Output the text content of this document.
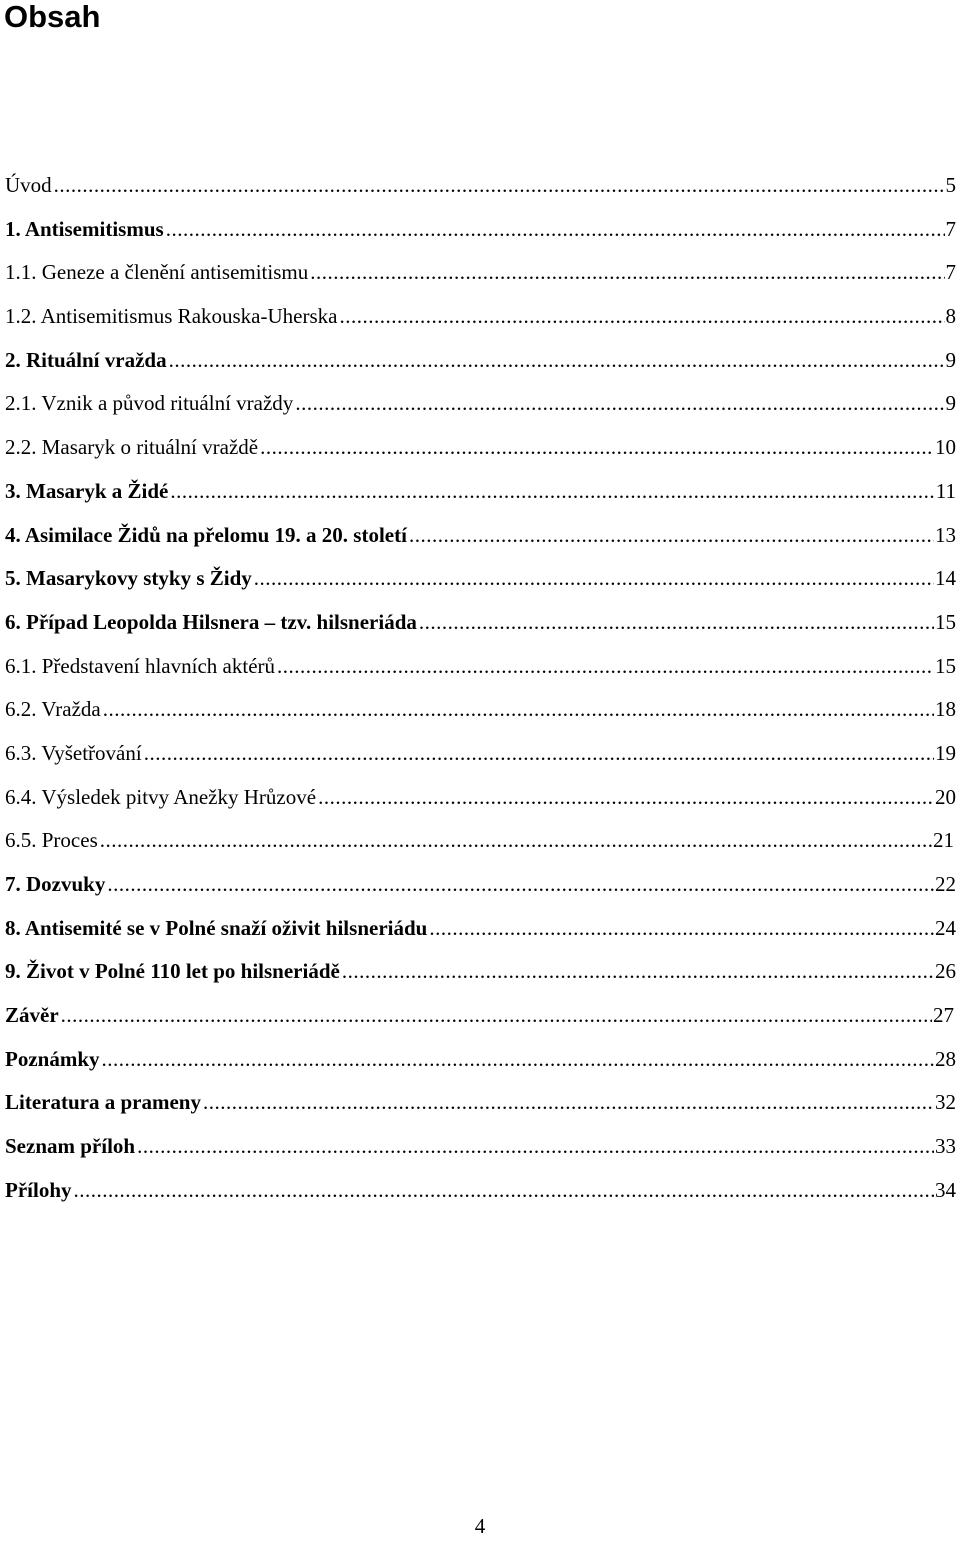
Obsah
Úvod .....	5
1. Antisemitismus .....	7
1.1. Geneze a členění antisemitismu .....	7
1.2. Antisemitismus Rakouska-Uherska .....	8
2. Rituální vražda .....	9
2.1. Vznik a původ rituální vraždy .....	9
2.2. Masaryk o rituální vraždě .....	10
3. Masaryk a Židé .....	11
4. Asimilace Židů na přelomu 19. a 20. století .....	13
5. Masarykovy styky s Židy .....	14
6. Případ Leopolda Hilsnera – tzv. hilsneriáda .....	15
6.1. Představení hlavních aktérů .....	15
6.2. Vražda .....	18
6.3. Vyšetřování .....	19
6.4. Výsledek pitvy Anežky Hrůzové .....	20
6.5. Proces .....	21
7. Dozvuky .....	22
8. Antisemité se v Polné snaží oživit hilsneriádu .....	24
9. Život v Polné 110 let po hilsneriádě .....	26
Závěr .....	27
Poznámky .....	28
Literatura a prameny .....	32
Seznam příloh .....	33
Přílohy .....	34
4
